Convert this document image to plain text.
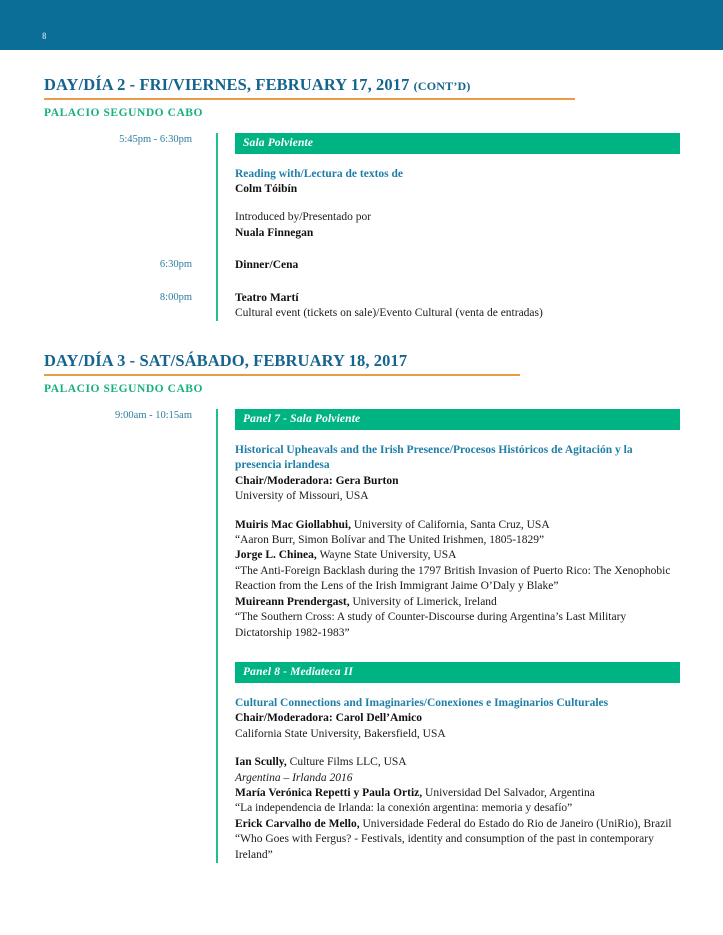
8
DAY/DÍA 2 - FRI/VIERNES, FEBRUARY 17, 2017 (CONT’D)
PALACIO SEGUNDO CABO
5:45pm - 6:30pm	Sala Polviente
Reading with/Lectura de textos de
Colm Tóibín
Introduced by/Presentado por
Nuala Finnegan
6:30pm	Dinner/Cena
8:00pm	Teatro Martí
Cultural event (tickets on sale)/Evento Cultural (venta de entradas)
DAY/DÍA 3 - SAT/SÁBADO, FEBRUARY 18, 2017
PALACIO SEGUNDO CABO
9:00am - 10:15am	Panel 7 - Sala Polviente
Historical Upheavals and the Irish Presence/Procesos Históricos de Agitación y la presencia irlandesa
Chair/Moderadora: Gera Burton
University of Missouri, USA
Muiris Mac Giollabhui, University of California, Santa Cruz, USA
“Aaron Burr, Simon Bolívar and The United Irishmen, 1805-1829”
Jorge L. Chinea, Wayne State University, USA
“The Anti-Foreign Backlash during the 1797 British Invasion of Puerto Rico: The Xenophobic Reaction from the Lens of the Irish Immigrant Jaime O’Daly y Blake”
Muireann Prendergast, University of Limerick, Ireland
“The Southern Cross: A study of Counter-Discourse during Argentina’s Last Military Dictatorship 1982-1983”
Panel 8 - Mediateca II
Cultural Connections and Imaginaries/Conexiones e Imaginarios Culturales
Chair/Moderadora: Carol Dell’Amico
California State University, Bakersfield, USA
Ian Scully, Culture Films LLC, USA
Argentina – Irlanda 2016
María Verónica Repetti y Paula Ortiz, Universidad Del Salvador, Argentina
“La independencia de Irlanda: la conexión argentina: memoria y desafío”
Erick Carvalho de Mello, Universidade Federal do Estado do Rio de Janeiro (UniRio), Brazil
“Who Goes with Fergus? - Festivals, identity and consumption of the past in contemporary Ireland”
